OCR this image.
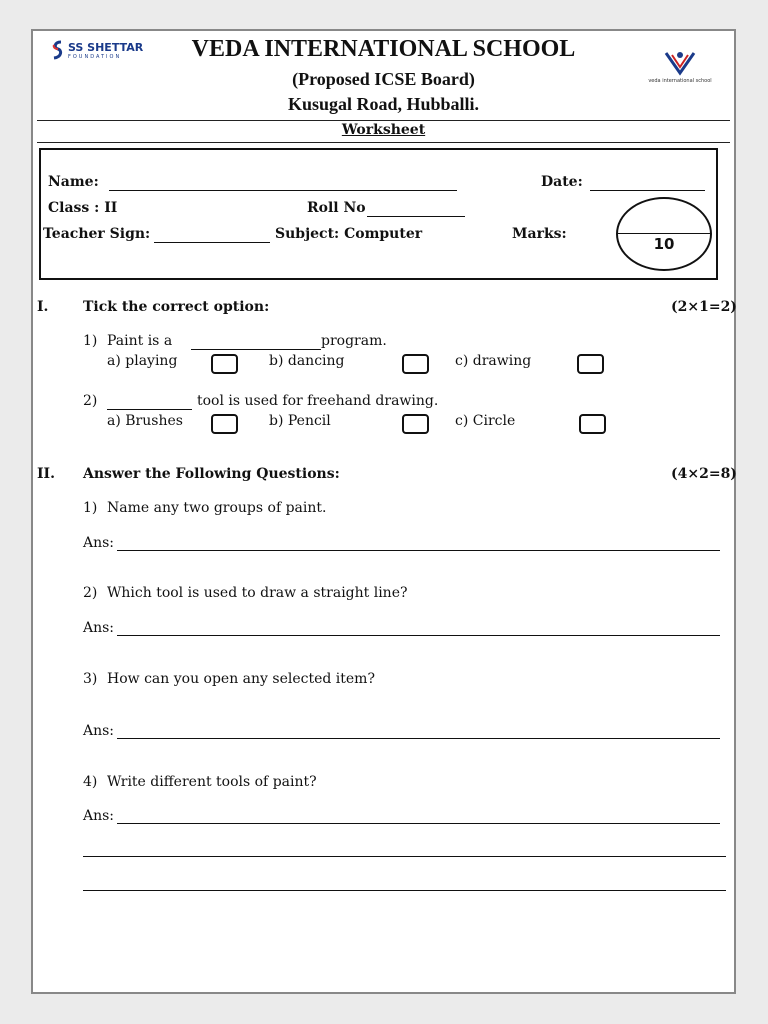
SS SHETTAR
FOUNDATION	VEDA INTERNATIONAL SCHOOL
(Proposed ICSE Board)
Kusugal Road, Hubballi.
veda international school
Worksheet
Name:	Date:
Class : II	Roll No
Teacher Sign:	Subject: Computer	Marks:
10
I. Tick the correct option:	(2×1=2)
1) Paint is a	program.
a) playing	b) dancing	c) drawing
2)	tool is used for freehand drawing.
a) Brushes	b) Pencil	c) Circle
II. Answer the Following Questions:	(4×2=8)
1) Name any two groups of paint.
Ans:
2) Which tool is used to draw a straight line?
Ans:
3) How can you open any selected item?
Ans:
4) Write different tools of paint?
Ans:
